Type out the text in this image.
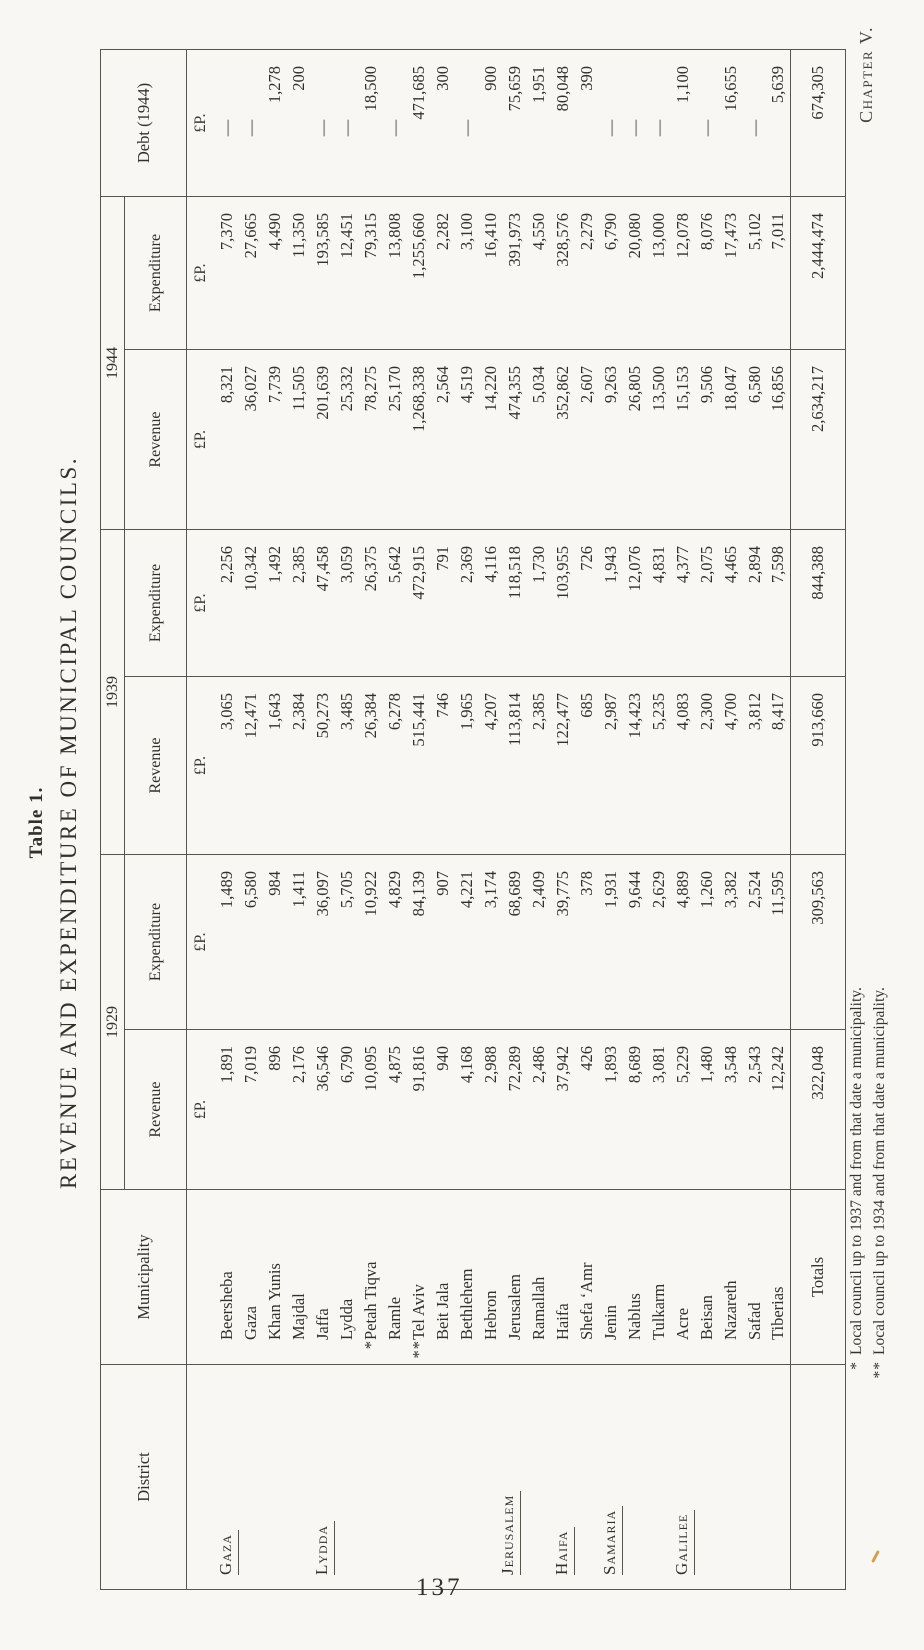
Table 1. REVENUE AND EXPENDITURE OF MUNICIPAL COUNCILS.
District	Municipality	1929		1939		1944		Debt (1944)
		Revenue	Expenditure	Revenue	Expenditure	Revenue	Expenditure	
		£P.	£P.	£P.	£P.	£P.	£P.	£P.
Gaza	Beersheba	1,891	1,489	3,065	2,256	8,321	7,370	—
	Gaza	7,019	6,580	12,471	10,342	36,027	27,665	—
	Khan Yunis	896	984	1,643	1,492	7,739	4,490	1,278
	Majdal	2,176	1,411	2,384	2,385	11,505	11,350	200
Lydda	Jaffa	36,546	36,097	50,273	47,458	201,639	193,585	—
	Lydda	6,790	5,705	3,485	3,059	25,332	12,451	—
	*Petah Tiqva	10,095	10,922	26,384	26,375	78,275	79,315	18,500
	Ramle	4,875	4,829	6,278	5,642	25,170	13,808	—
Jerusalem	**Tel Aviv	91,816	84,139	515,441	472,915	1,268,338	1,255,660	471,685
	Beit Jala	940	907	746	791	2,564	2,282	300
	Bethlehem	4,168	4,221	1,965	2,369	4,519	3,100	—
	Hebron	2,988	3,174	4,207	4,116	14,220	16,410	900
	Jerusalem	72,289	68,689	113,814	118,518	474,355	391,973	75,659
	Ramallah	2,486	2,409	2,385	1,730	5,034	4,550	1,951
Haifa	Haifa	37,942	39,775	122,477	103,955	352,862	328,576	80,048
	Shefa ‘Amr	426	378	685	726	2,607	2,279	390
Samaria	Jenin	1,893	1,931	2,987	1,943	9,263	6,790	—
	Nablus	8,689	9,644	14,423	12,076	26,805	20,080	—
	Tulkarm	3,081	2,629	5,235	4,831	13,500	13,000	—
Galilee	Acre	5,229	4,889	4,083	4,377	15,153	12,078	1,100
	Beisan	1,480	1,260	2,300	2,075	9,506	8,076	—
	Nazareth	3,548	3,382	4,700	4,465	18,047	17,473	16,655
	Safad	2,543	2,524	3,812	2,894	6,580	5,102	—
	Tiberias	12,242	11,595	8,417	7,598	16,856	7,011	5,639
	Totals	322,048	309,563	913,660	844,388	2,634,217	2,444,474	674,305
*Local council up to 1937 and from that date a municipality.
**Local council up to 1934 and from that date a municipality.
Chapter V.
137
